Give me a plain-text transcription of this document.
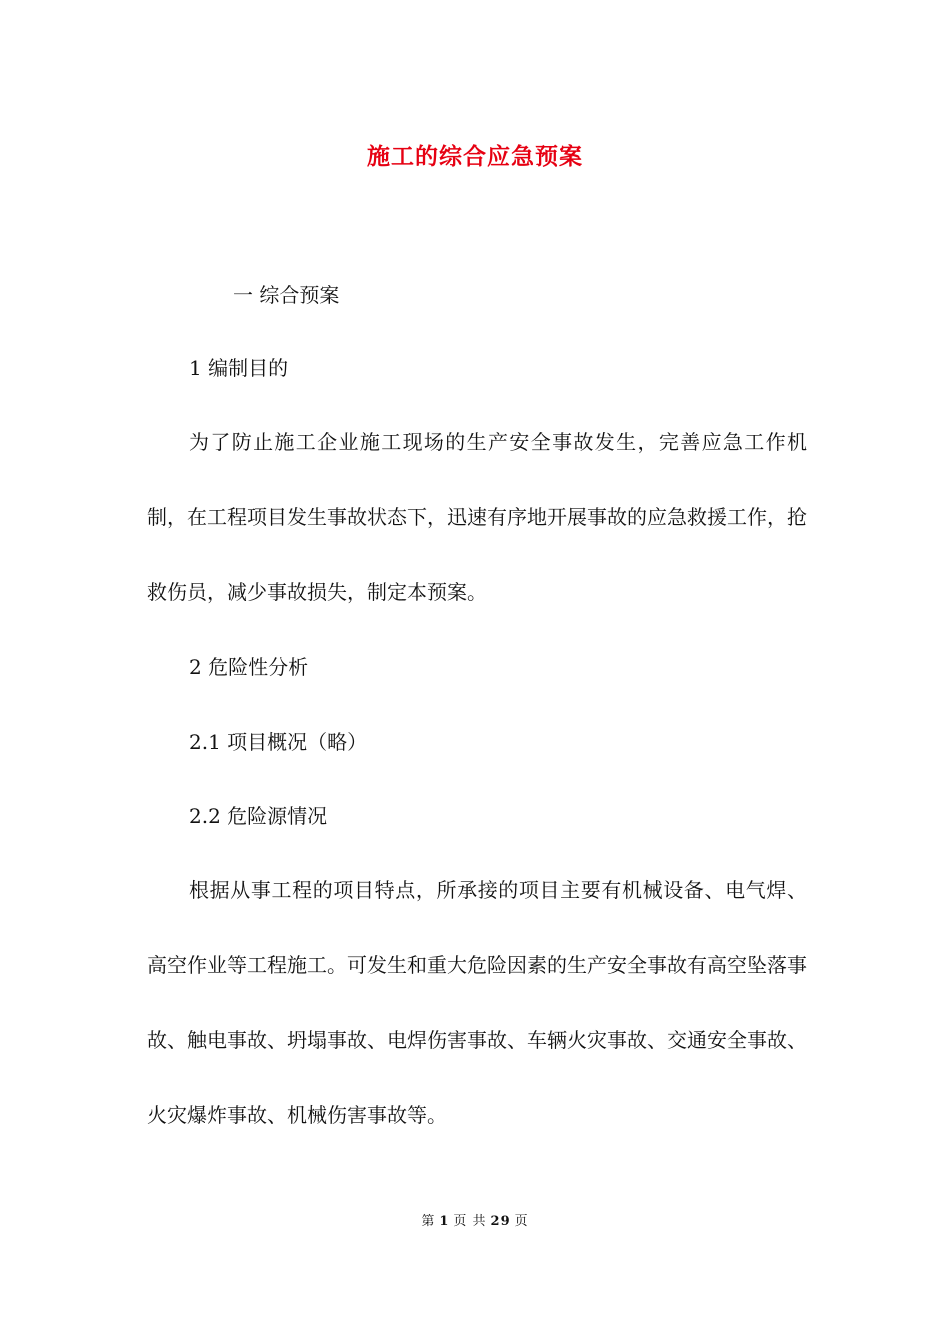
施工的综合应急预案
一 综合预案
1 编制目的
为了防止施工企业施工现场的生产安全事故发生，完善应急工作机制，在工程项目发生事故状态下，迅速有序地开展事故的应急救援工作，抢救伤员，减少事故损失，制定本预案。
2 危险性分析
2.1 项目概况（略）
2.2 危险源情况
根据从事工程的项目特点，所承接的项目主要有机械设备、电气焊、高空作业等工程施工。可发生和重大危险因素的生产安全事故有高空坠落事故、触电事故、坍塌事故、电焊伤害事故、车辆火灾事故、交通安全事故、火灾爆炸事故、机械伤害事故等。
第 1 页 共 29 页
